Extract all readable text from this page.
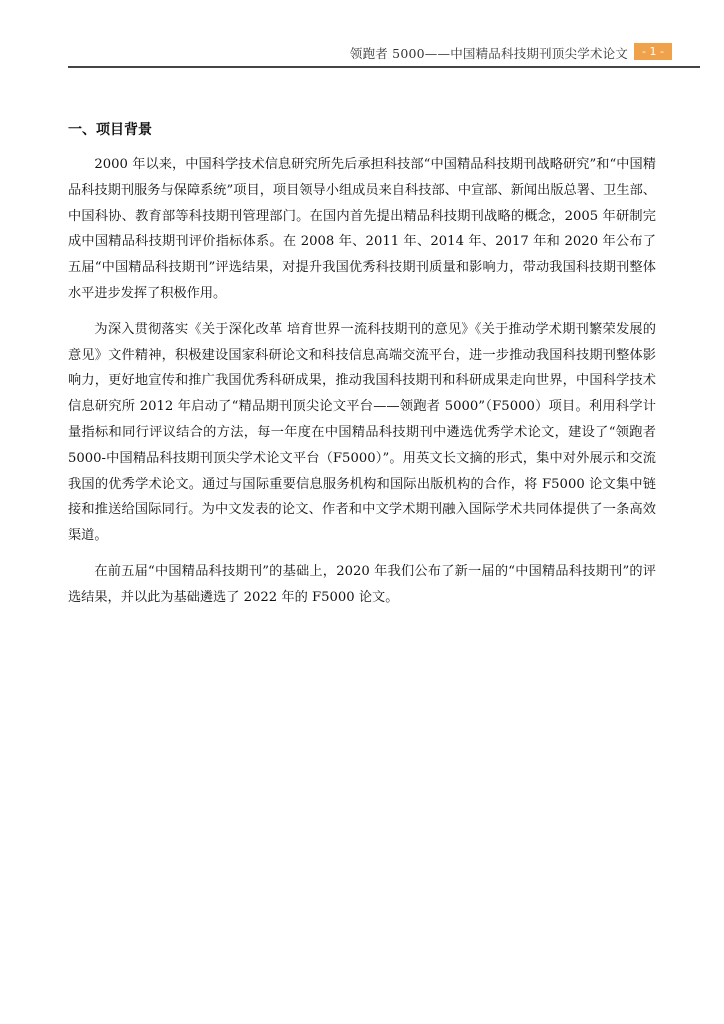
领跑者 5000——中国精品科技期刊顶尖学术论文	- 1 -
一、项目背景

2000 年以来，中国科学技术信息研究所先后承担科技部“中国精品科技期刊战略研究”和“中国精品科技期刊服务与保障系统”项目，项目领导小组成员来自科技部、中宣部、新闻出版总署、卫生部、中国科协、教育部等科技期刊管理部门。在国内首先提出精品科技期刊战略的概念，2005 年研制完成中国精品科技期刊评价指标体系。在 2008 年、2011 年、2014 年、2017 年和 2020 年公布了五届“中国精品科技期刊”评选结果，对提升我国优秀科技期刊质量和影响力，带动我国科技期刊整体水平进步发挥了积极作用。

为深入贯彻落实《关于深化改革 培育世界一流科技期刊的意见》《关于推动学术期刊繁荣发展的意见》文件精神，积极建设国家科研论文和科技信息高端交流平台，进一步推动我国科技期刊整体影响力，更好地宣传和推广我国优秀科研成果，推动我国科技期刊和科研成果走向世界，中国科学技术信息研究所 2012 年启动了“精品期刊顶尖论文平台——领跑者 5000”（F5000）项目。利用科学计量指标和同行评议结合的方法，每一年度在中国精品科技期刊中遴选优秀学术论文，建设了“领跑者 5000-中国精品科技期刊顶尖学术论文平台（F5000）”。用英文长文摘的形式，集中对外展示和交流我国的优秀学术论文。通过与国际重要信息服务机构和国际出版机构的合作，将 F5000 论文集中链接和推送给国际同行。为中文发表的论文、作者和中文学术期刊融入国际学术共同体提供了一条高效渠道。

在前五届“中国精品科技期刊”的基础上，2020 年我们公布了新一届的“中国精品科技期刊”的评选结果，并以此为基础遴选了 2022 年的 F5000 论文。
